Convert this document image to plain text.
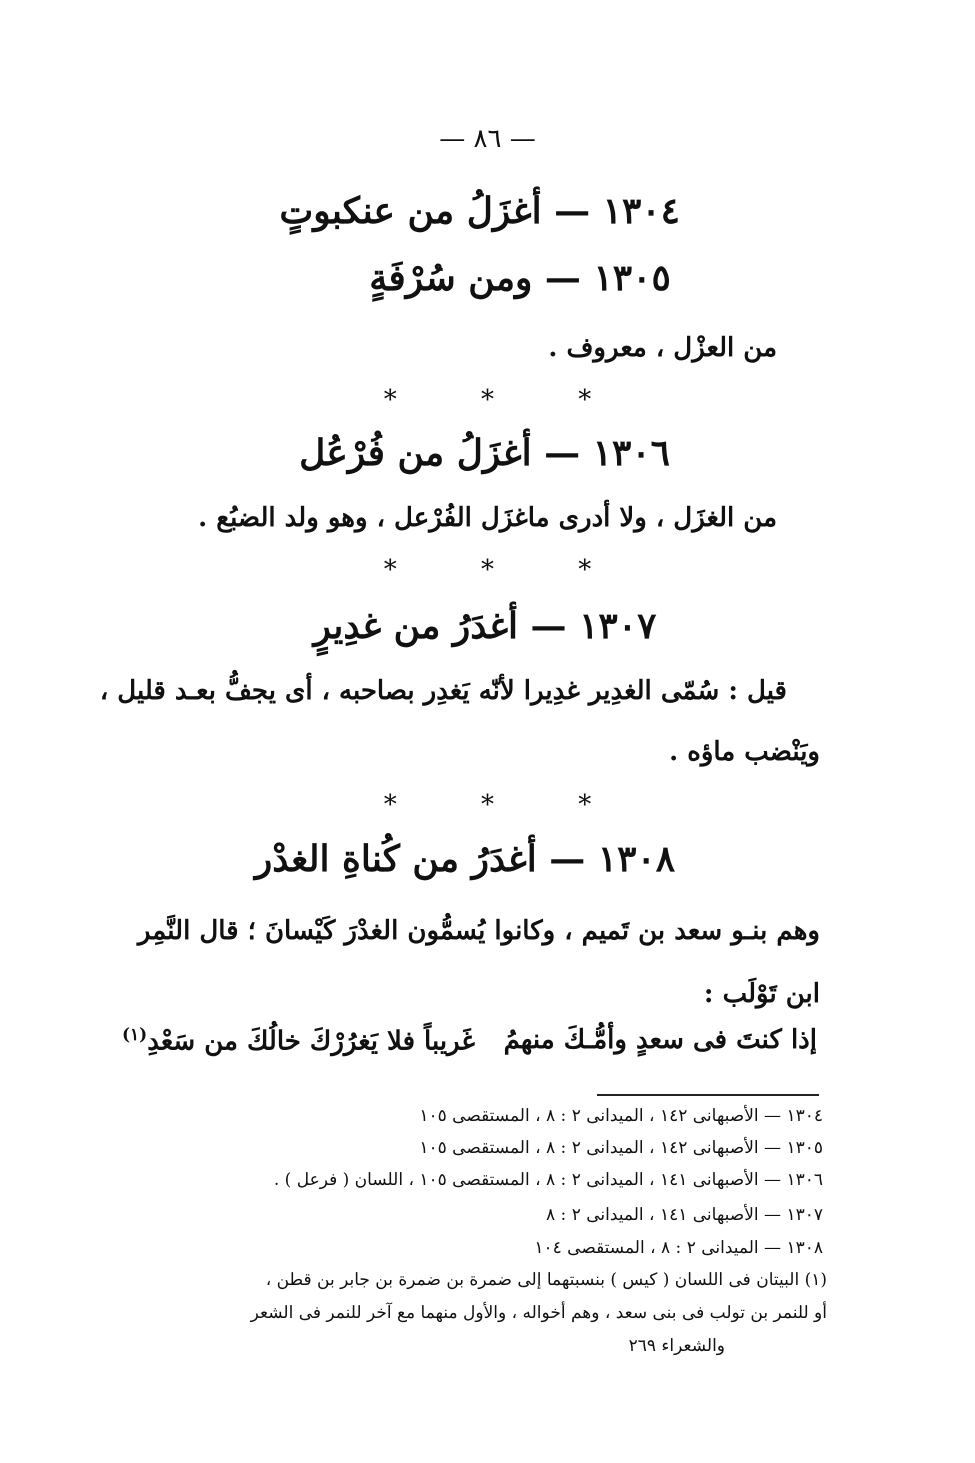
— ٨٦ —
١٣٠٤ — أغزَلُ من عنكبوتٍ
١٣٠٥ — ومن سُرْفَةٍ
من العزْل ، معروف .
* * *
١٣٠٦ — أغزَلُ من فُرْعُل
من الغزَل ، ولا أدرى ماغزَل الفُرْعل ، وهو ولد الضبُع .
* * *
١٣٠٧ — أغدَرُ من غدِيرٍ
قيل : سُمّى الغدِير غدِيرا لأنّه يَغدِر بصاحبه ، أى يجفُّ بعـد قليل ،
ويَنْضب ماؤه .
* * *
١٣٠٨ — أغدَرُ من كُناةِ الغدْر
وهم بنـو سعد بن تَميم ، وكانوا يُسمُّون الغدْرَ كَيْسانَ ؛ قال النَّمِر
ابن تَوْلَب :
إذا كنتَ فى سعدٍ وأمُّـكَ منهمُ
غَريباً فلا يَغرُرْكَ خالُكَ من سَعْدِ$^{(١)}$
١٣٠٤ — الأصبهانى ١٤٢ ، الميدانى ٢ : ٨ ، المستقصى ١٠٥
١٣٠٥ — الأصبهانى ١٤٢ ، الميدانى ٢ : ٨ ، المستقصى ١٠٥
١٣٠٦ — الأصبهانى ١٤١ ، الميدانى ٢ : ٨ ، المستقصى ١٠٥ ، اللسان ( فرعل ) .
١٣٠٧ — الأصبهانى ١٤١ ، الميدانى ٢ : ٨
١٣٠٨ — الميدانى ٢ : ٨ ، المستقصى ١٠٤
(١) البيتان فى اللسان ( كيس ) بنسبتهما إلى ضمرة بن ضمرة بن جابر بن قطن ،
أو للنمر بن تولب فى بنى سعد ، وهم أخواله ، والأول منهما مع آخر للنمر فى الشعر
والشعراء ٢٦٩
